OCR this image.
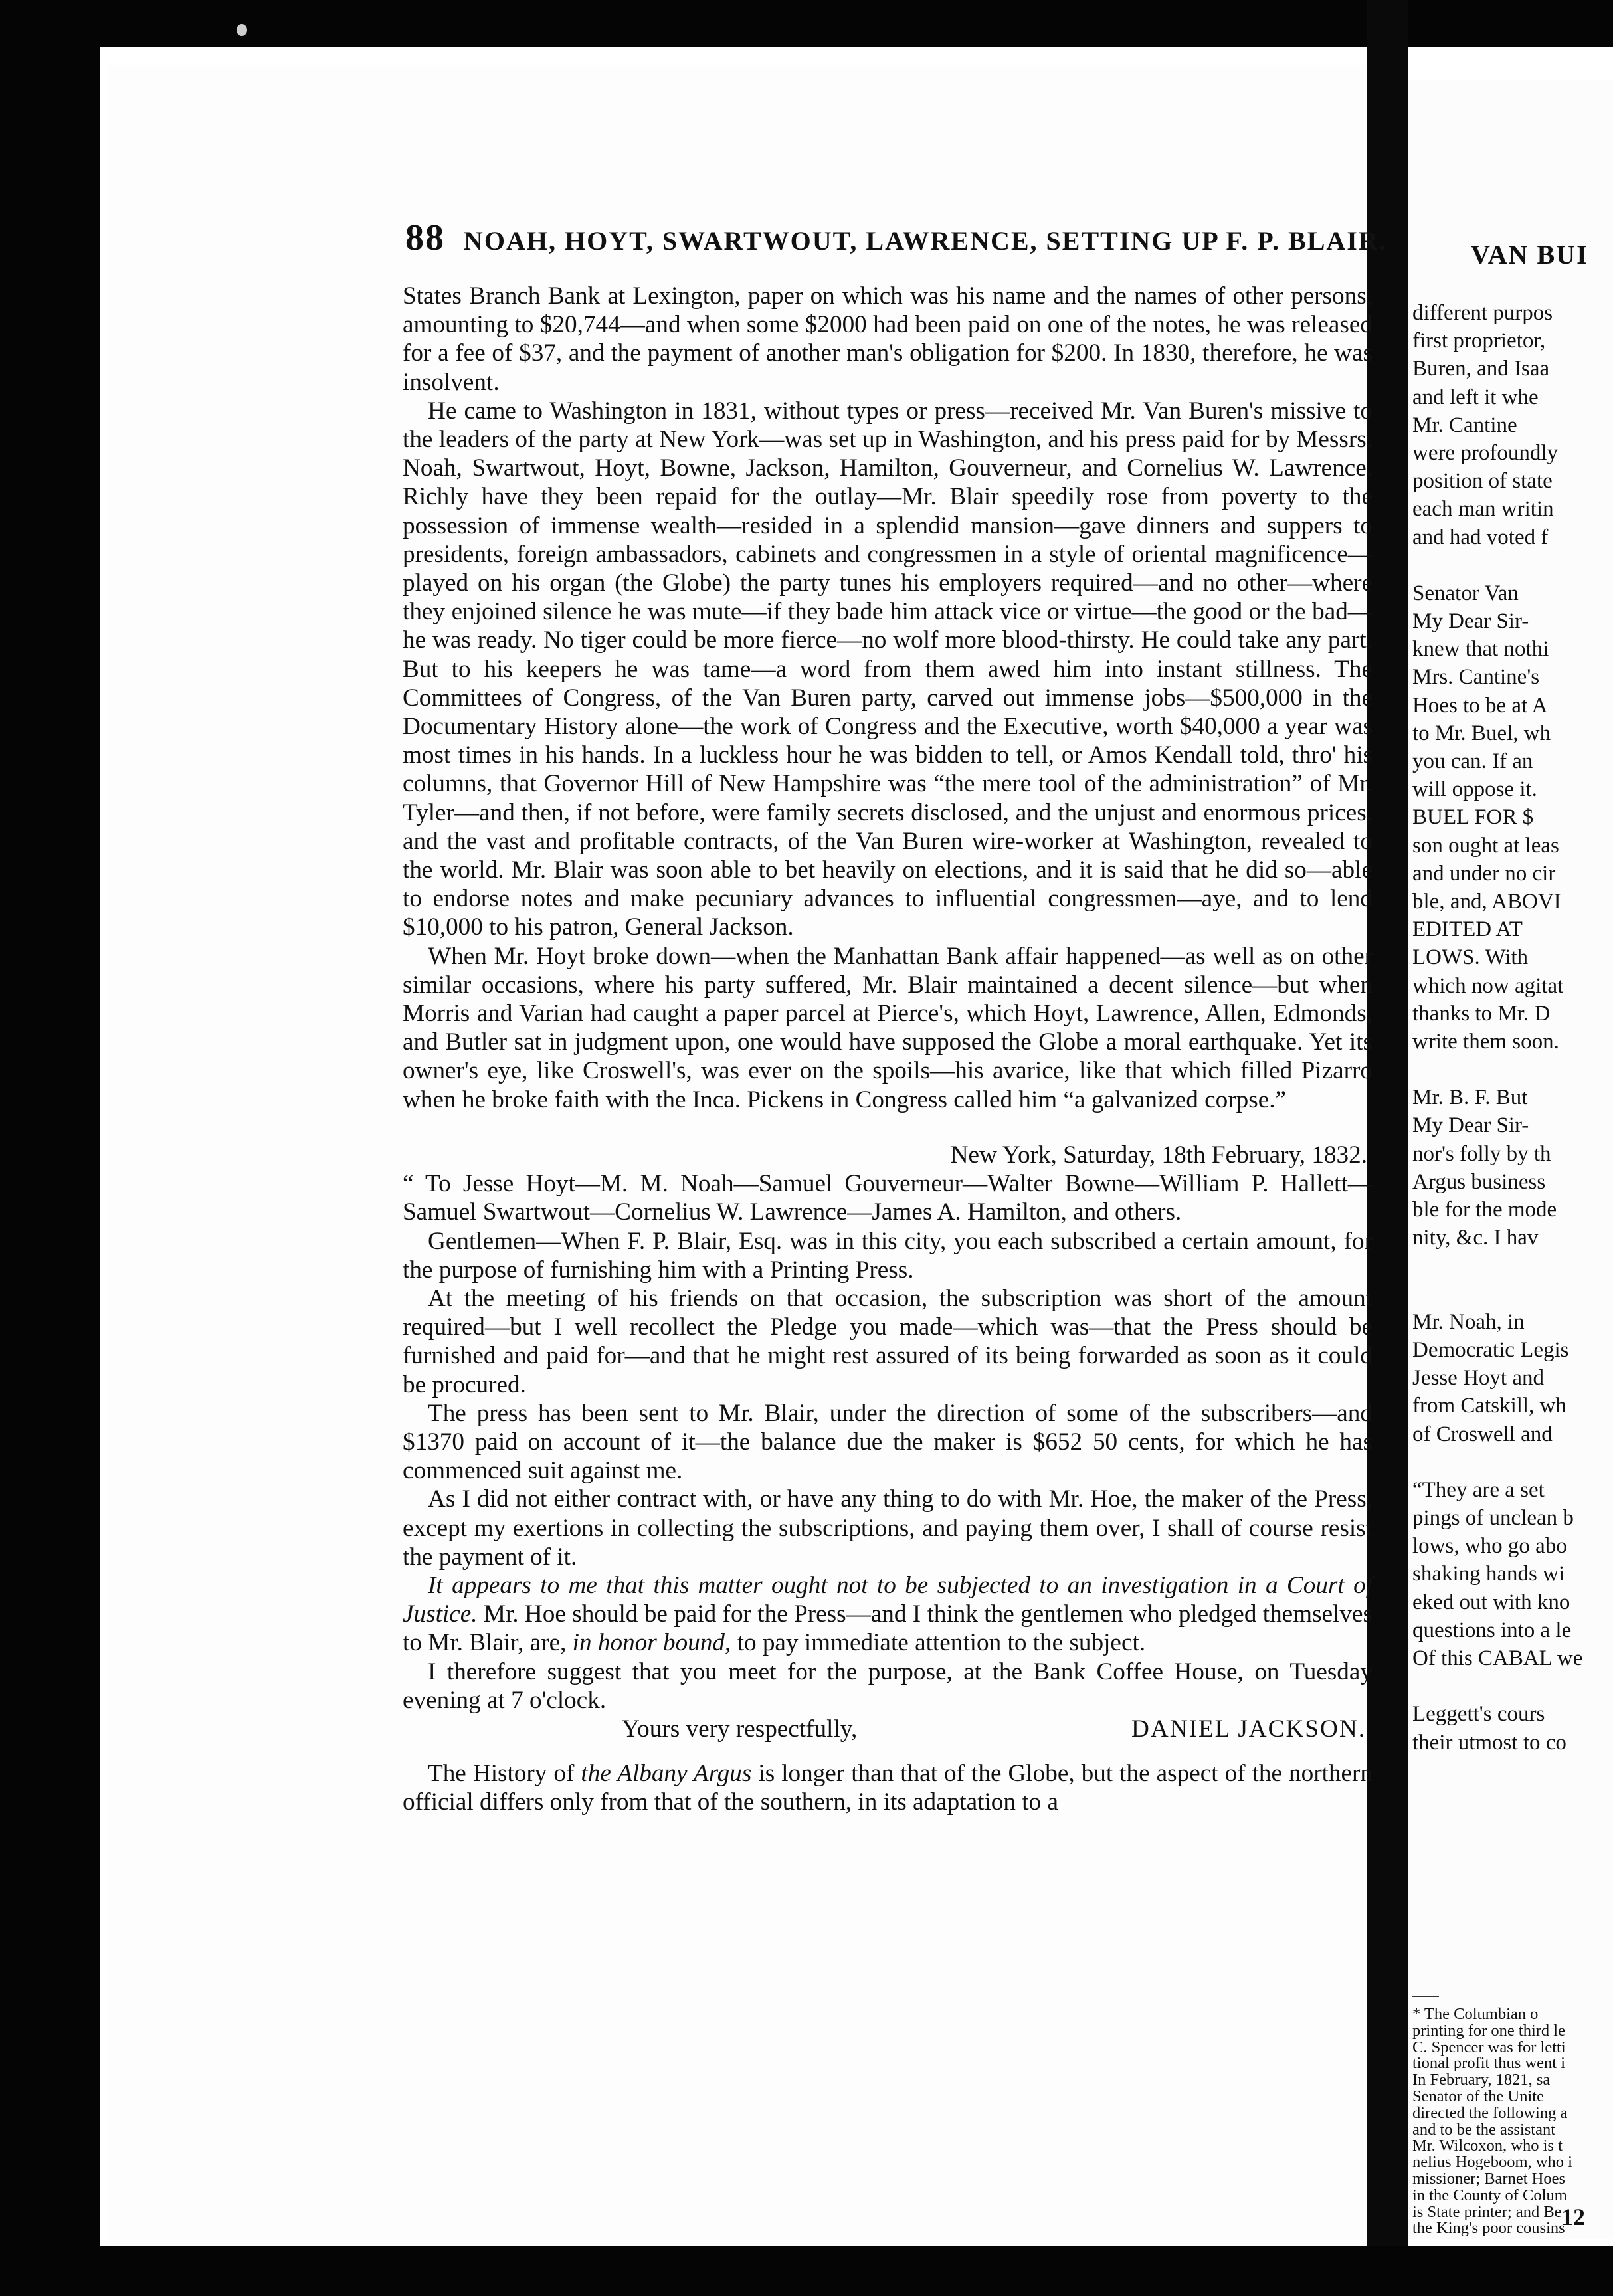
88 NOAH, HOYT, SWARTWOUT, LAWRENCE, SETTING UP F. P. BLAIR.

States Branch Bank at Lexington, paper on which was his name and the names of other persons, amounting to $20,744—and when some $2000 had been paid on one of the notes, he was released for a fee of $37, and the payment of another man's obligation for $200. In 1830, therefore, he was insolvent.

He came to Washington in 1831, without types or press—received Mr. Van Buren's missive to the leaders of the party at New York—was set up in Washington, and his press paid for by Messrs. Noah, Swartwout, Hoyt, Bowne, Jackson, Hamilton, Gouverneur, and Cornelius W. Lawrence. Richly have they been repaid for the outlay—Mr. Blair speedily rose from poverty to the possession of immense wealth—resided in a splendid mansion—gave dinners and suppers to presidents, foreign ambassadors, cabinets and congressmen in a style of oriental magnificence—played on his organ (the Globe) the party tunes his employers required—and no other—where they enjoined silence he was mute—if they bade him attack vice or virtue—the good or the bad—he was ready. No tiger could be more fierce—no wolf more blood-thirsty. He could take any part. But to his keepers he was tame—a word from them awed him into instant stillness. The Committees of Congress, of the Van Buren party, carved out immense jobs—$500,000 in the Documentary History alone—the work of Congress and the Executive, worth $40,000 a year was most times in his hands. In a luckless hour he was bidden to tell, or Amos Kendall told, thro' his columns, that Governor Hill of New Hampshire was “the mere tool of the administration” of Mr. Tyler—and then, if not before, were family secrets disclosed, and the unjust and enormous prices, and the vast and profitable contracts, of the Van Buren wire-worker at Washington, revealed to the world. Mr. Blair was soon able to bet heavily on elections, and it is said that he did so—able to endorse notes and make pecuniary advances to influential congressmen—aye, and to lend $10,000 to his patron, General Jackson.

When Mr. Hoyt broke down—when the Manhattan Bank affair happened—as well as on other similar occasions, where his party suffered, Mr. Blair maintained a decent silence—but when Morris and Varian had caught a paper parcel at Pierce's, which Hoyt, Lawrence, Allen, Edmonds, and Butler sat in judgment upon, one would have supposed the Globe a moral earthquake. Yet its owner's eye, like Croswell's, was ever on the spoils—his avarice, like that which filled Pizarro when he broke faith with the Inca. Pickens in Congress called him “a galvanized corpse.”

New York, Saturday, 18th February, 1832.

“ To Jesse Hoyt—M. M. Noah—Samuel Gouverneur—Walter Bowne—William P. Hallett—Samuel Swartwout—Cornelius W. Lawrence—James A. Hamilton, and others.

Gentlemen—When F. P. Blair, Esq. was in this city, you each subscribed a certain amount, for the purpose of furnishing him with a Printing Press.

At the meeting of his friends on that occasion, the subscription was short of the amount required—but I well recollect the Pledge you made—which was—that the Press should be furnished and paid for—and that he might rest assured of its being forwarded as soon as it could be procured.

The press has been sent to Mr. Blair, under the direction of some of the subscribers—and $1370 paid on account of it—the balance due the maker is $652 50 cents, for which he has commenced suit against me.

As I did not either contract with, or have any thing to do with Mr. Hoe, the maker of the Press, except my exertions in collecting the subscriptions, and paying them over, I shall of course resist the payment of it.

It appears to me that this matter ought not to be subjected to an investigation in a Court of Justice. Mr. Hoe should be paid for the Press—and I think the gentlemen who pledged themselves to Mr. Blair, are, in honor bound, to pay immediate attention to the subject.

I therefore suggest that you meet for the purpose, at the Bank Coffee House, on Tuesday evening at 7 o'clock.

Yours very respectfully,	DANIEL JACKSON.

The History of the Albany Argus is longer than that of the Globe, but the aspect of the northern official differs only from that of the southern, in its adaptation to a

VAN BUI
different purpos
first proprietor,
Buren, and Isaa
and left it whe
Mr. Cantine
were profoundly
position of state
each man writin
and had voted f
Senator Van
My Dear Sir-
knew that nothi
Mrs. Cantine's
Hoes to be at A
to Mr. Buel, wh
you can. If an
will oppose it.
BUEL FOR $
son ought at leas
and under no cir
ble, and, ABOVI
EDITED AT
LOWS. With
which now agitat
thanks to Mr. D
write them soon.
Mr. B. F. But
My Dear Sir-
nor's folly by th
Argus business
ble for the mode
nity, &c. I hav
Mr. Noah, in
Democratic Legis
Jesse Hoyt and
from Catskill, wh
of Croswell and
“They are a set
pings of unclean b
lows, who go abo
shaking hands wi
eked out with kno
questions into a le
Of this CABAL we
Leggett's cours
their utmost to co
* The Columbian o
printing for one third le
C. Spencer was for letti
tional profit thus went i
In February, 1821, sa
Senator of the Unite
directed the following a
and to be the assistant
Mr. Wilcoxon, who is t
nelius Hogeboom, who i
missioner; Barnet Hoes
in the County of Colum
is State printer; and Be
the King's poor cousins
12
